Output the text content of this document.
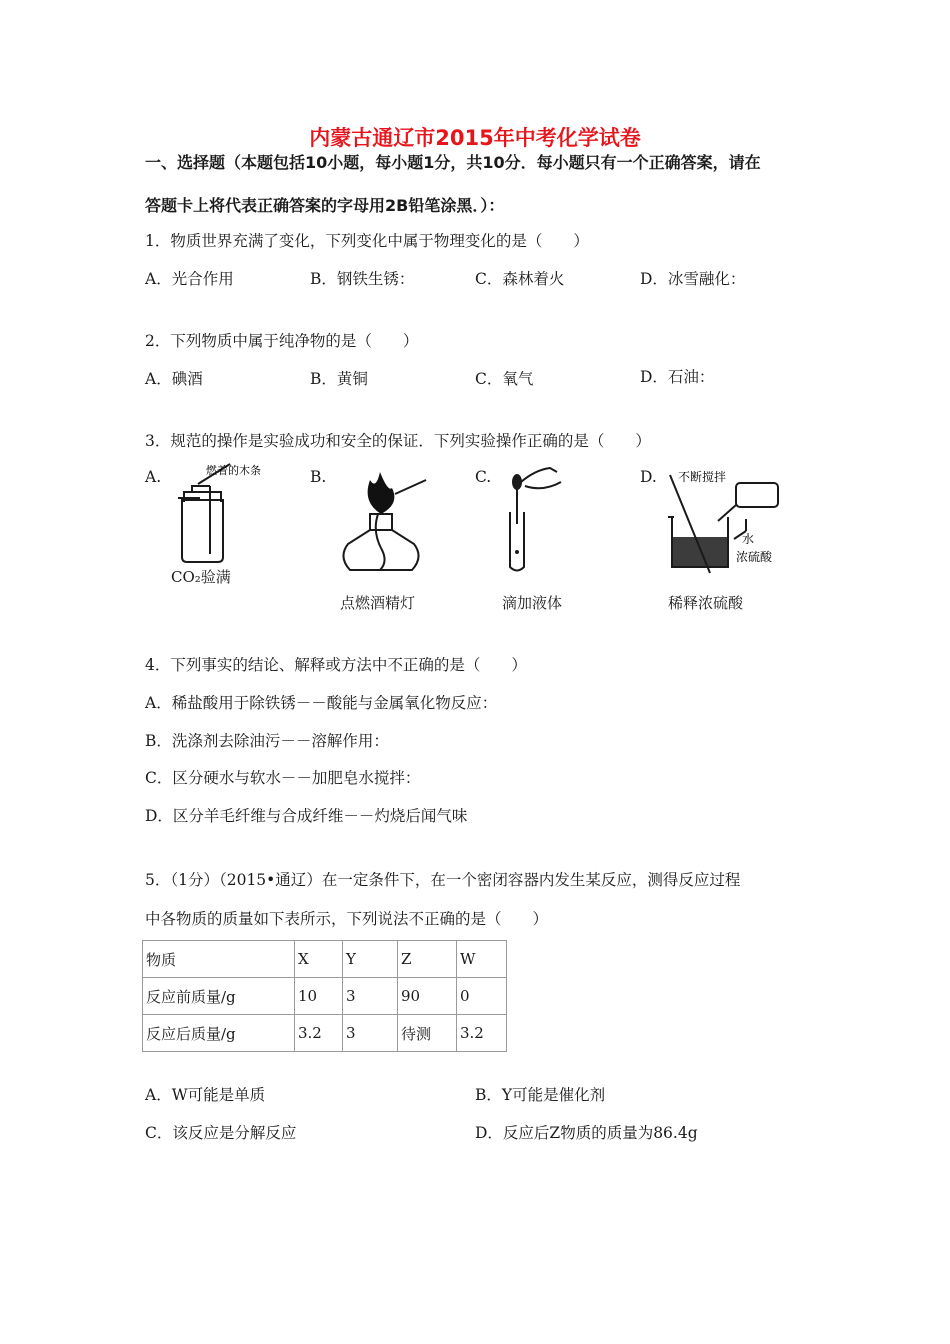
内蒙古通辽市2015年中考化学试卷
一、选择题（本题包括10小题，每小题1分，共10分．每小题只有一个正确答案，请在
答题卡上将代表正确答案的字母用2B铅笔涂黑．）：
1．物质世界充满了变化，下列变化中属于物理变化的是（　　）
A．光合作用	B．钢铁生锈：	C．森林着火	D．冰雪融化：
2．下列物质中属于纯净物的是（　　）
A．碘酒	B．黄铜	C．氧气	D．石油：
3．规范的操作是实验成功和安全的保证．下列实验操作正确的是（　　）
A.	B.	C.	D.
燃着的木条
CO₂验满
点燃酒精灯	滴加液体
不断搅拌
水
浓硫酸
稀释浓硫酸
4．下列事实的结论、解释或方法中不正确的是（　　）
A．稀盐酸用于除铁锈－－酸能与金属氧化物反应：
B．洗涤剂去除油污－－溶解作用：
C．区分硬水与软水－－加肥皂水搅拌：
D．区分羊毛纤维与合成纤维－－灼烧后闻气味
5．（1分）（2015•通辽）在一定条件下，在一个密闭容器内发生某反应，测得反应过程
中各物质的质量如下表所示，下列说法不正确的是（　　）
物质	X	Y	Z	W
反应前质量/g	10	3	90	0
反应后质量/g	3.2	3	待测	3.2
A．W可能是单质	B．Y可能是催化剂
C．该反应是分解反应	D．反应后Z物质的质量为86.4g
